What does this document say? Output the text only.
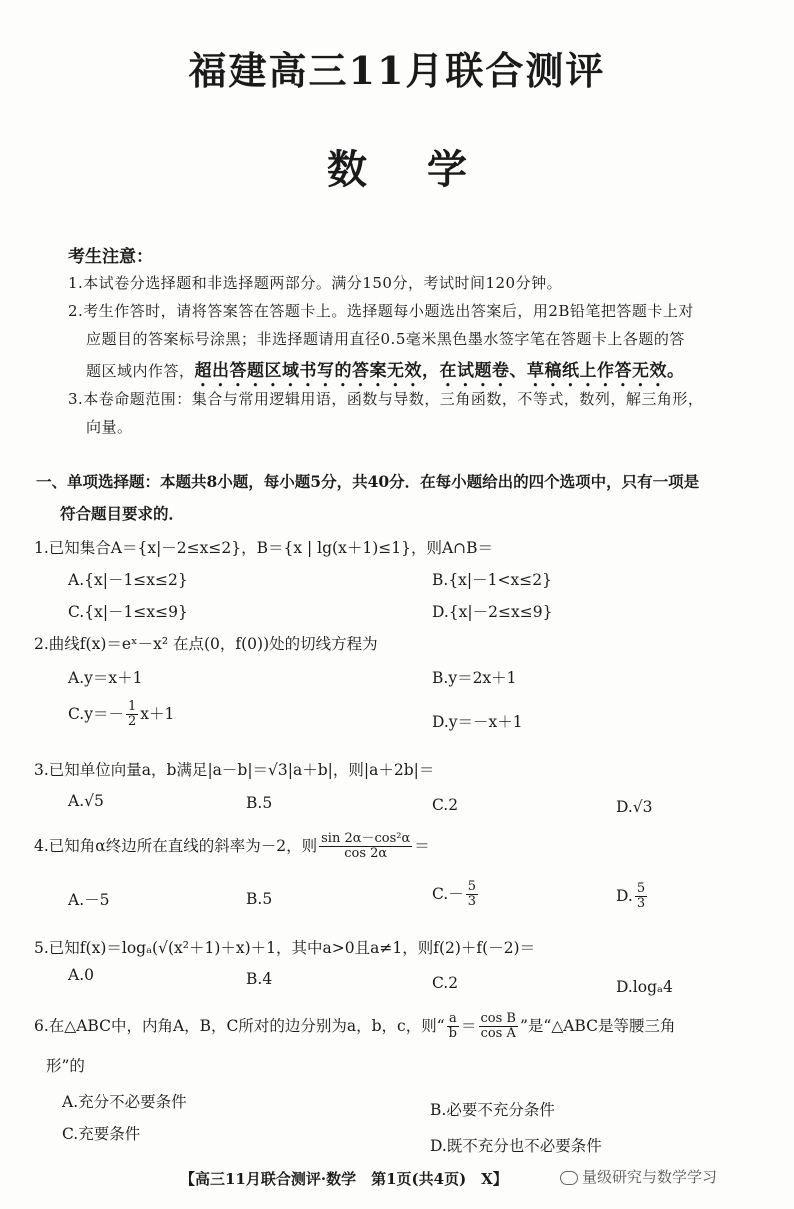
福建高三11月联合测评
数学
考生注意：
1.本试卷分选择题和非选择题两部分。满分150分，考试时间120分钟。
2.考生作答时，请将答案答在答题卡上。选择题每小题选出答案后，用2B铅笔把答题卡上对
应题目的答案标号涂黑；非选择题请用直径0.5毫米黑色墨水签字笔在答题卡上各题的答
题区域内作答，超出答题区域书写的答案无效，在试题卷、草稿纸上作答无效。
3.本卷命题范围：集合与常用逻辑用语，函数与导数，三角函数，不等式，数列，解三角形，
向量。
一、单项选择题：本题共8小题，每小题5分，共40分．在每小题给出的四个选项中，只有一项是
符合题目要求的．
1.已知集合A＝{x|－2≤x≤2}，B＝{x | lg(x＋1)≤1}，则A∩B＝
A.{x|－1≤x≤2}	B.{x|－1<x≤2}
C.{x|－1≤x≤9}	D.{x|－2≤x≤9}
2.曲线f(x)＝eˣ－x² 在点(0，f(0))处的切线方程为
A.y＝x＋1	B.y＝2x＋1
$C.y=- \frac{1}{2} x+1$	D.y＝－x＋1
3.已知单位向量a，b满足|a－b|＝√3|a＋b|，则|a＋2b|＝
A.√5	B.5	C.2	D.√3
4.已知角α终边所在直线的斜率为－2，则 $\frac{\text{sin 2α－cos²α}}{\cos 2\alpha}$ ＝
A.－5	B.5	$C.- \frac{5}{3}$	D. $\frac{5}{3}$
5.已知f(x)＝logₐ(√(x²＋1)＋x)＋1，其中a>0且a≠1，则f(2)＋f(－2)＝
A.0	B.4	C.2	D.logₐ4
6.在△ABC中，内角A，B，C所对的边分别为a，b，c，则“ $\frac{a}{b} = \frac{\text{cos B}}{\text{cos A}}$ ”是“△ABC是等腰三角
形”的
A.充分不必要条件	B.必要不充分条件
C.充要条件
D.既不充分也不必要条件
【高三11月联合测评·数学　第1页(共4页)　X】	量级研究与数学学习
